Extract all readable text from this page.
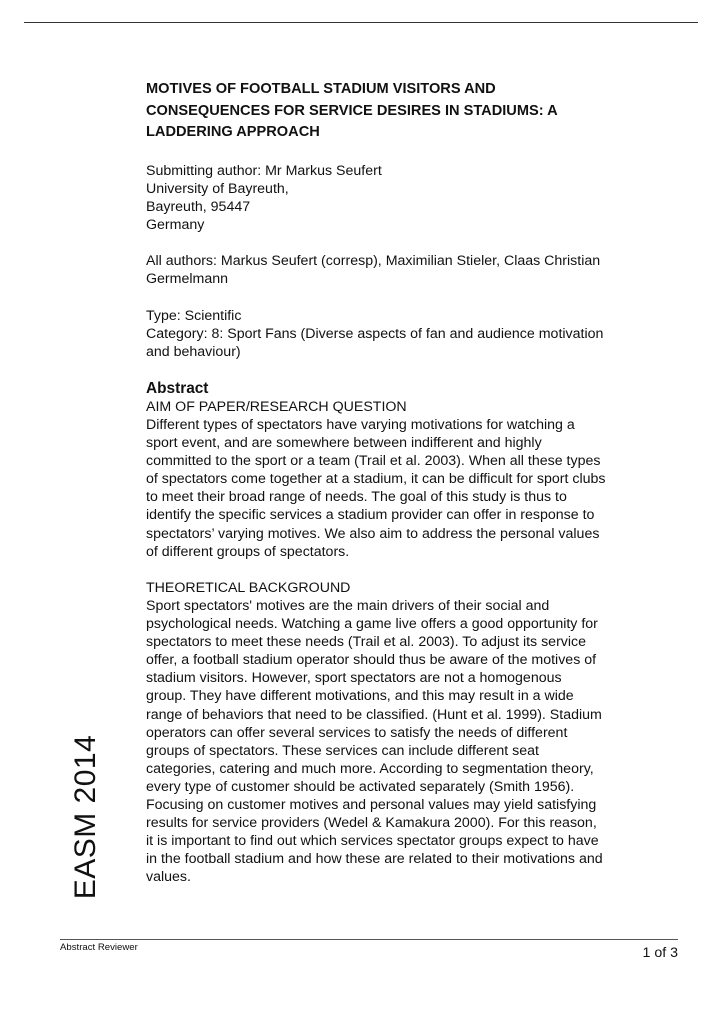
MOTIVES OF FOOTBALL STADIUM VISITORS AND
CONSEQUENCES FOR SERVICE DESIRES IN STADIUMS: A
LADDERING APPROACH
Submitting author: Mr Markus Seufert
University of Bayreuth,
Bayreuth, 95447
Germany
All authors: Markus Seufert (corresp), Maximilian Stieler, Claas Christian
Germelmann
Type: Scientific
Category: 8: Sport Fans (Diverse aspects of fan and audience motivation
and behaviour)
Abstract
AIM OF PAPER/RESEARCH QUESTION
Different types of spectators have varying motivations for watching a
sport event, and are somewhere between indifferent and highly
committed to the sport or a team (Trail et al. 2003). When all these types
of spectators come together at a stadium, it can be difficult for sport clubs
to meet their broad range of needs. The goal of this study is thus to
identify the specific services a stadium provider can offer in response to
spectators’ varying motives. We also aim to address the personal values
of different groups of spectators.
THEORETICAL BACKGROUND
Sport spectators' motives are the main drivers of their social and
psychological needs. Watching a game live offers a good opportunity for
spectators to meet these needs (Trail et al. 2003). To adjust its service
offer, a football stadium operator should thus be aware of the motives of
stadium visitors. However, sport spectators are not a homogenous
group. They have different motivations, and this may result in a wide
range of behaviors that need to be classified. (Hunt et al. 1999). Stadium
operators can offer several services to satisfy the needs of different
groups of spectators. These services can include different seat
categories, catering and much more. According to segmentation theory,
every type of customer should be activated separately (Smith 1956).
Focusing on customer motives and personal values may yield satisfying
results for service providers (Wedel & Kamakura 2000). For this reason,
it is important to find out which services spectator groups expect to have
in the football stadium and how these are related to their motivations and
values.
EASM 2014
Abstract Reviewer	1 of 3
